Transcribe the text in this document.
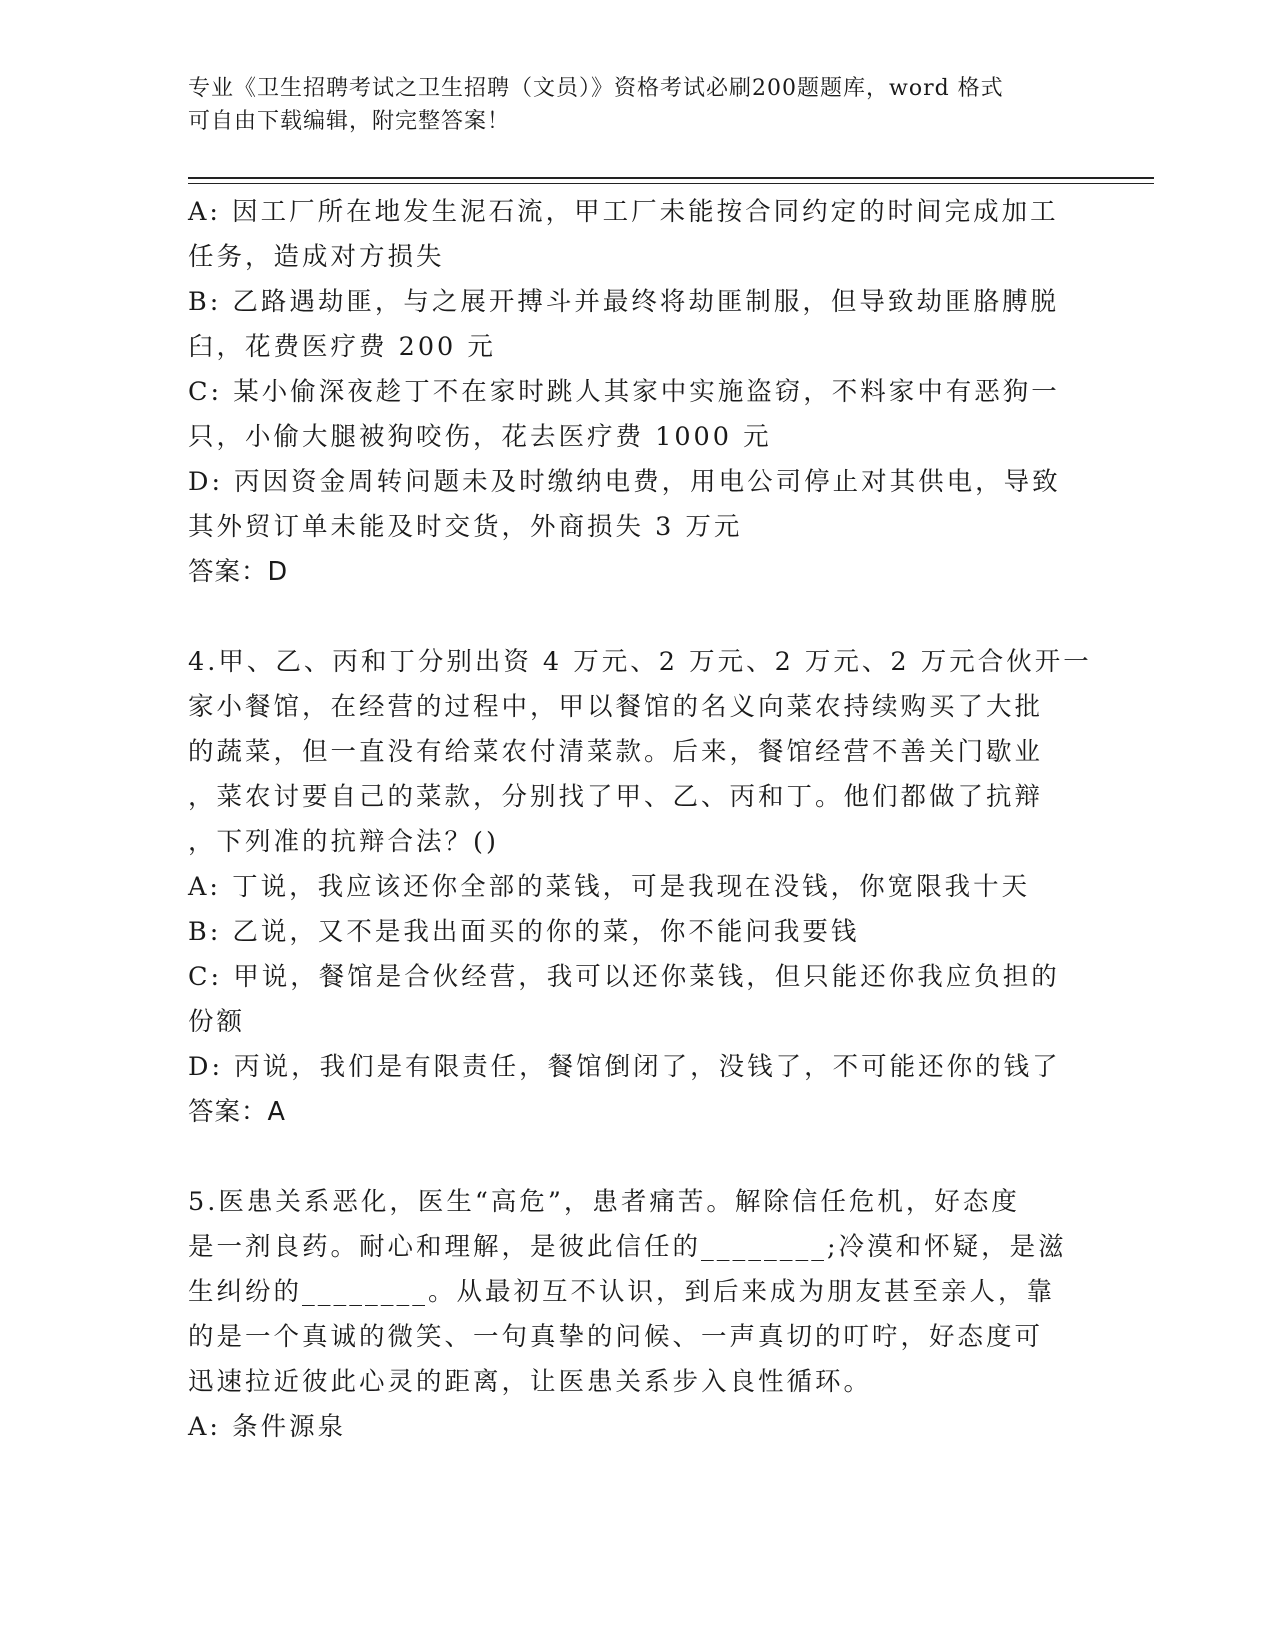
专业《卫生招聘考试之卫生招聘（文员）》资格考试必刷200题题库，word 格式
可自由下载编辑，附完整答案！
A: 因工厂所在地发生泥石流，甲工厂未能按合同约定的时间完成加工
任务，造成对方损失
B: 乙路遇劫匪，与之展开搏斗并最终将劫匪制服，但导致劫匪胳膊脱
臼，花费医疗费 200 元
C: 某小偷深夜趁丁不在家时跳人其家中实施盗窃，不料家中有恶狗一
只，小偷大腿被狗咬伤，花去医疗费 1000 元
D: 丙因资金周转问题未及时缴纳电费，用电公司停止对其供电，导致
其外贸订单未能及时交货，外商损失 3 万元
答案：D
4.甲、乙、丙和丁分别出资 4 万元、2 万元、2 万元、2 万元合伙开一
家小餐馆，在经营的过程中，甲以餐馆的名义向菜农持续购买了大批
的蔬菜，但一直没有给菜农付清菜款。后来，餐馆经营不善关门歇业
，菜农讨要自己的菜款，分别找了甲、乙、丙和丁。他们都做了抗辩
，下列准的抗辩合法？()
A: 丁说，我应该还你全部的菜钱，可是我现在没钱，你宽限我十天
B: 乙说，又不是我出面买的你的菜，你不能问我要钱
C: 甲说，餐馆是合伙经营，我可以还你菜钱，但只能还你我应负担的
份额
D: 丙说，我们是有限责任，餐馆倒闭了，没钱了，不可能还你的钱了
答案：A
5.医患关系恶化，医生“高危”，患者痛苦。解除信任危机，好态度
是一剂良药。耐心和理解，是彼此信任的________;冷漠和怀疑，是滋
生纠纷的________。从最初互不认识，到后来成为朋友甚至亲人，靠
的是一个真诚的微笑、一句真挚的问候、一声真切的叮咛，好态度可
迅速拉近彼此心灵的距离，让医患关系步入良性循环。
A: 条件源泉
